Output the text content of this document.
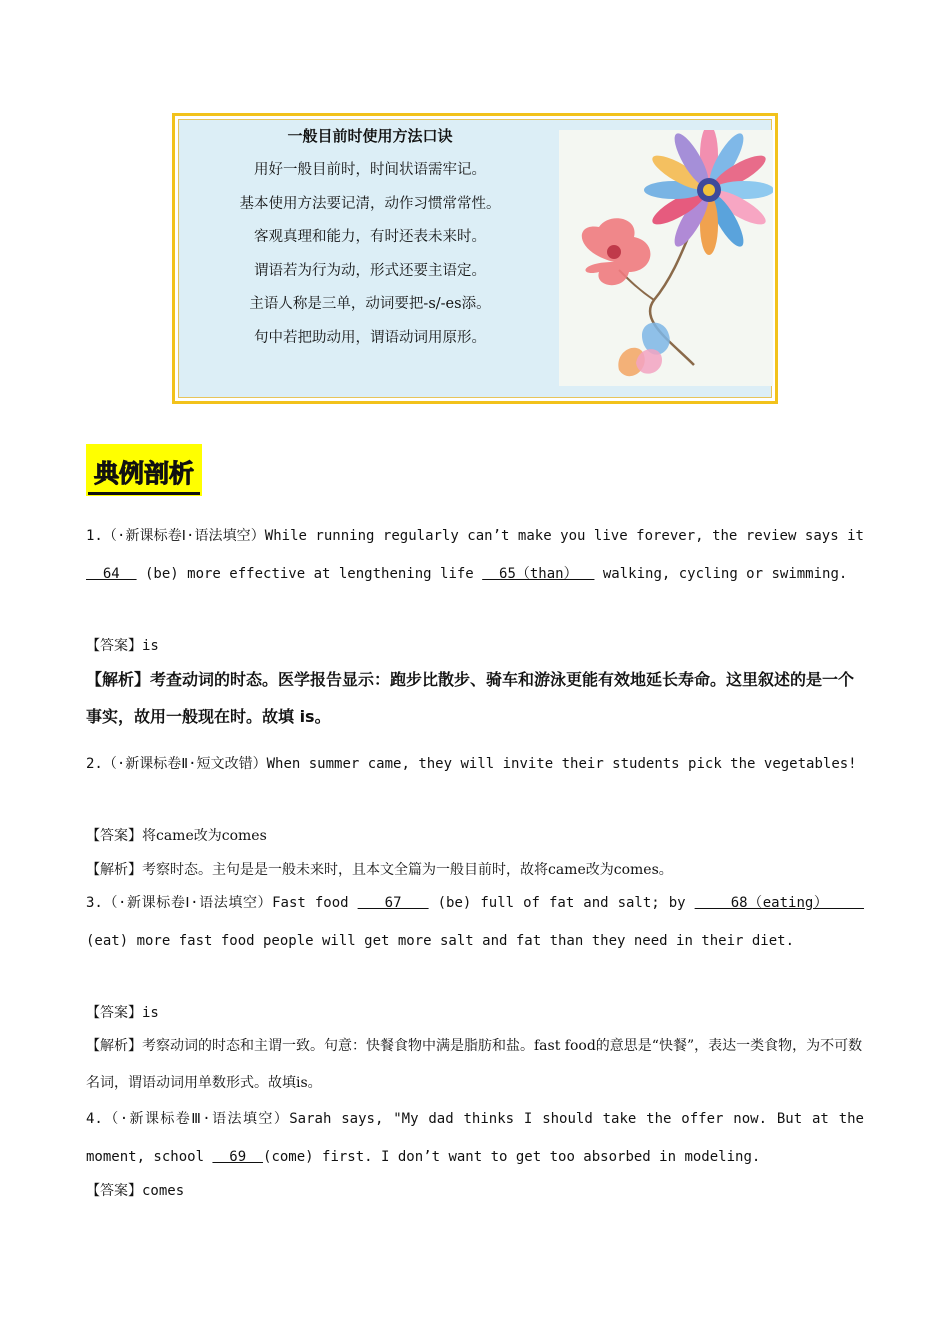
一般目前时使用方法口诀
用好一般目前时，时间状语需牢记。
基本使用方法要记清，动作习惯常常性。
客观真理和能力，有时还表未来时。
谓语若为行为动，形式还要主语定。
主语人称是三单，动词要把-s/-es添。
句中若把助动用，谓语动词用原形。
典例剖析
1.（·新课标卷Ⅰ·语法填空）While running regularly can’t make you live forever, the review says it   64   (be) more effective at lengthening life   65（than）   walking, cycling or swimming.
【答案】is
【解析】考查动词的时态。医学报告显示：跑步比散步、骑车和游泳更能有效地延长寿命。这里叙述的是一个事实，故用一般现在时。故填 is。
2.（·新课标卷Ⅱ·短文改错）When summer came, they will invite their students pick the vegetables!
【答案】将came改为comes
【解析】考察时态。主句是是一般未来时，且本文全篇为一般目前时，故将came改为comes。
3.（·新课标卷Ⅰ·语法填空）Fast food    67    (be) full of fat and salt; by     68（eating）     (eat) more fast food people will get more salt and fat than they need in their diet.
【答案】is
【解析】考察动词的时态和主谓一致。句意：快餐食物中满是脂肪和盐。fast food的意思是“快餐”，表达一类食物，为不可数名词，谓语动词用单数形式。故填is。
4.（·新课标卷Ⅲ·语法填空）Sarah says, "My dad thinks I should take the offer now. But at the moment, school   69  (come) first. I don’t want to get too absorbed in modeling.
【答案】comes
